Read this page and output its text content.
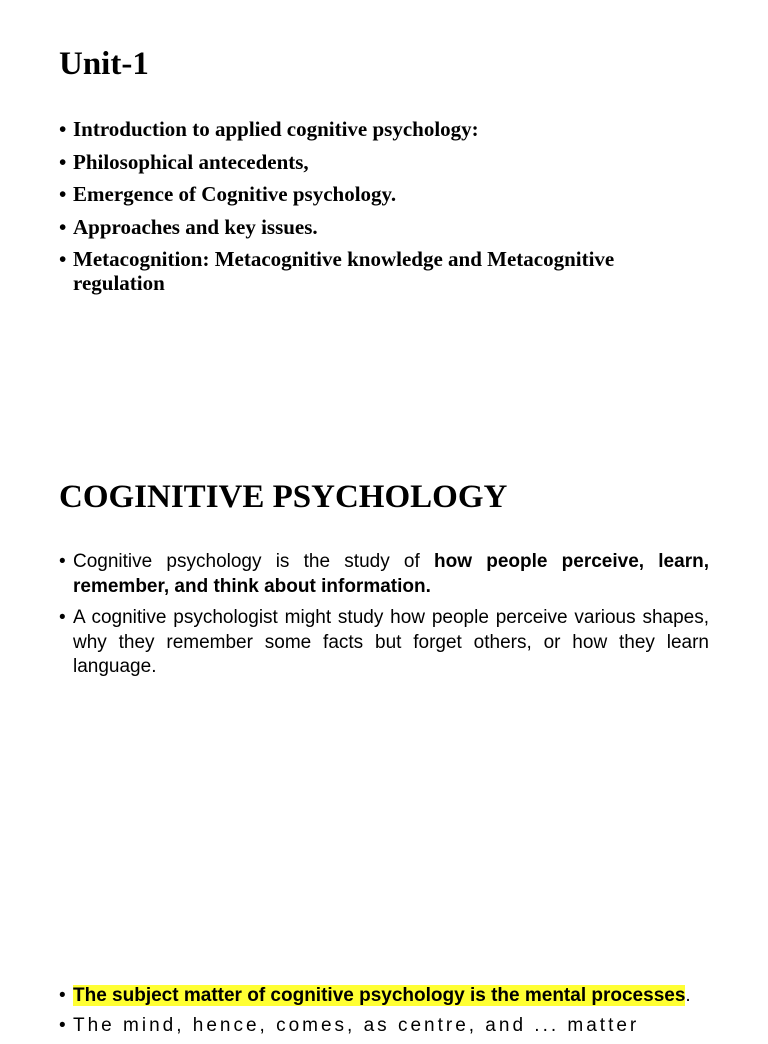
Unit-1
• Introduction to applied cognitive psychology:
• Philosophical antecedents,
• Emergence of Cognitive psychology.
• Approaches and key issues.
• Metacognition: Metacognitive knowledge and Metacognitive regulation
COGINITIVE PSYCHOLOGY
• Cognitive psychology is the study of how people perceive, learn, remember, and think about information.
• A cognitive psychologist might study how people perceive various shapes, why they remember some facts but forget others, or how they learn language.
• The subject matter of cognitive psychology is the mental processes.
• The mind, hence, comes, as centre, and ... matter
